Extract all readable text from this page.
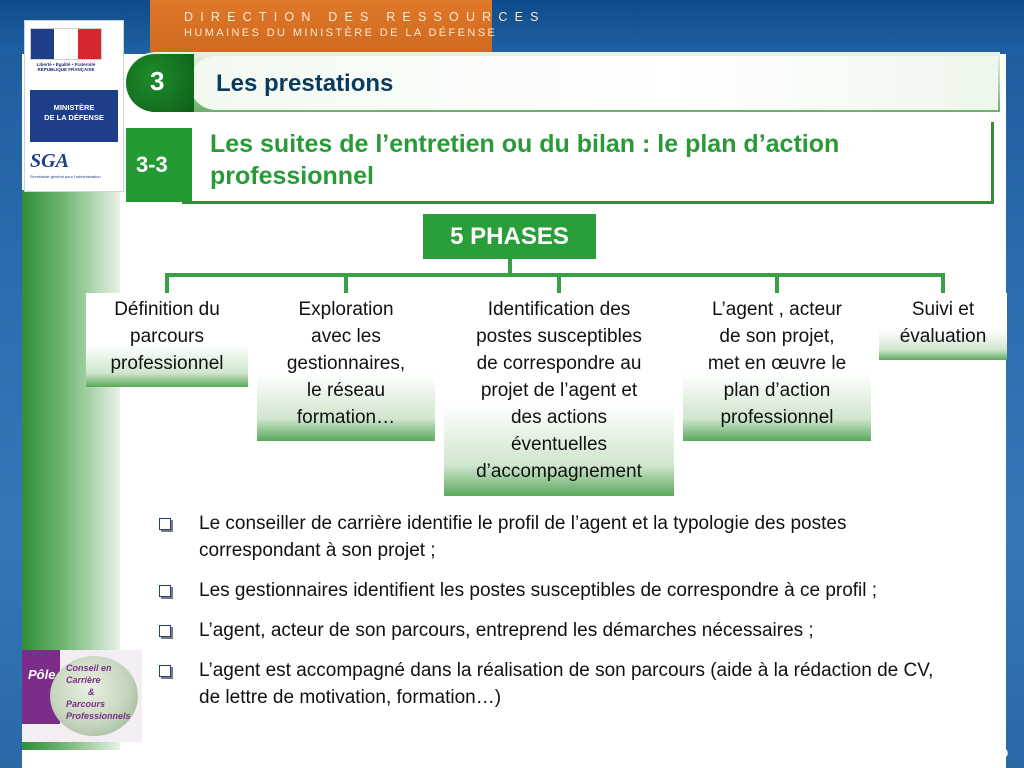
DIRECTION DES RESSOURCES
HUMAINES DU MINISTÈRE DE LA DÉFENSE
Liberté • Égalité • Fraternité RÉPUBLIQUE FRANÇAISE
MINISTÈRE
DE LA DÉFENSE
SGA
Secrétariat général pour l'administration
3 Les prestations
3-3
Les suites de l’entretien ou du bilan : le plan d’action
professionnel
5 PHASES
Définition du
parcours
professionnel
Exploration
avec les
gestionnaires,
le réseau
formation…
Identification des
postes susceptibles
de correspondre au
projet de l’agent et
des actions
éventuelles
d’accompagnement
L’agent , acteur
de son projet,
met en œuvre le
plan d’action
professionnel
Suivi et
évaluation
Le conseiller de carrière identifie le profil de l’agent et la typologie des postes correspondant à son projet ;
Les gestionnaires identifient les postes susceptibles de correspondre à ce profil ;
L’agent, acteur de son parcours, entreprend les démarches nécessaires ;
L’agent est accompagné dans la réalisation de son parcours (aide à la rédaction de CV, de lettre de motivation, formation…)
Pôle Conseil en
Carrière
&
Parcours
Professionnels
9
